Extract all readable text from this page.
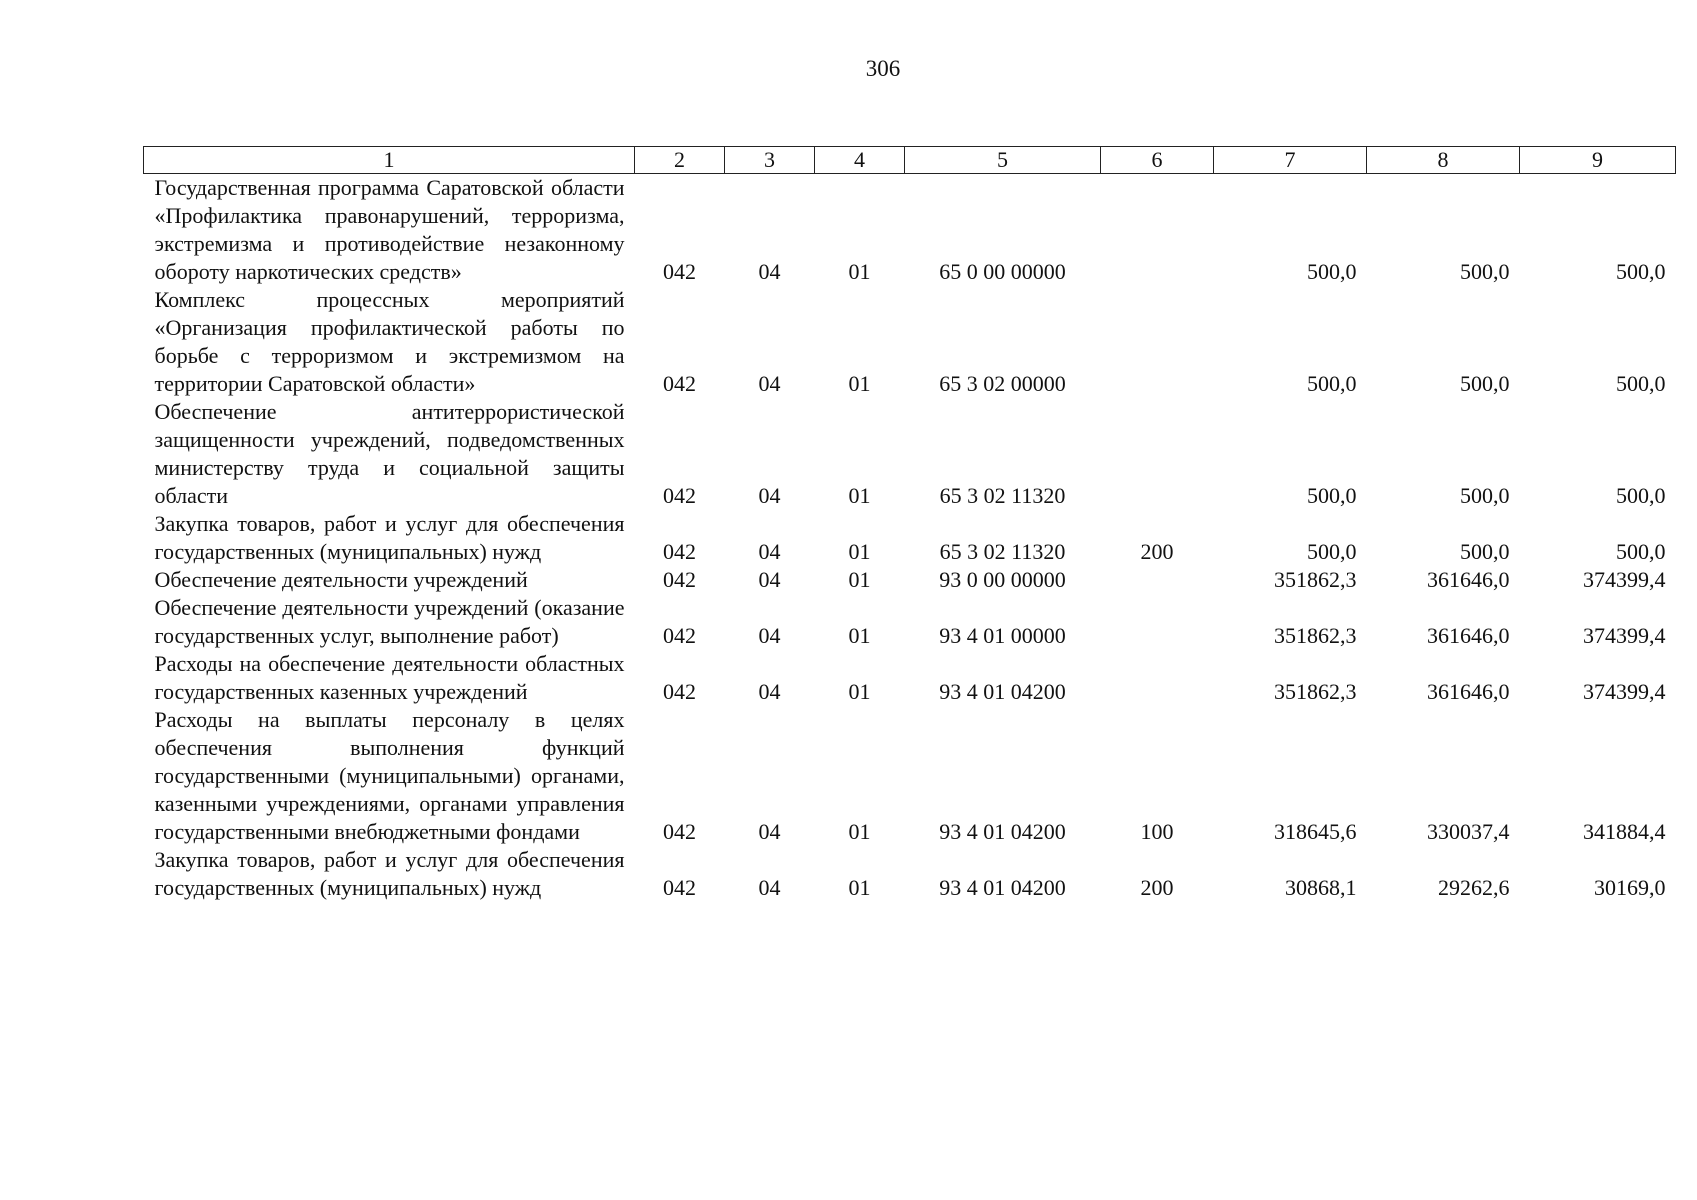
306
1	2	3	4	5	6	7	8	9
Государственная программа Саратовской области «Профилактика правонарушений, терроризма, экстремизма и противодействие незаконному обороту наркотических средств»	042	04	01	65 0 00 00000		500,0	500,0	500,0
Комплекс процессных мероприятий «Организация профилактической работы по борьбе с терроризмом и экстремизмом на территории Саратовской области»	042	04	01	65 3 02 00000		500,0	500,0	500,0
Обеспечение антитеррористической защищенности учреждений, подведомственных министерству труда и социальной защиты области	042	04	01	65 3 02 11320		500,0	500,0	500,0
Закупка товаров, работ и услуг для обеспечения государственных (муниципальных) нужд	042	04	01	65 3 02 11320	200	500,0	500,0	500,0
Обеспечение деятельности учреждений	042	04	01	93 0 00 00000		351862,3	361646,0	374399,4
Обеспечение деятельности учреждений (оказание государственных услуг, выполнение работ)	042	04	01	93 4 01 00000		351862,3	361646,0	374399,4
Расходы на обеспечение деятельности областных государственных казенных учреждений	042	04	01	93 4 01 04200		351862,3	361646,0	374399,4
Расходы на выплаты персоналу в целях обеспечения выполнения функций государственными (муниципальными) органами, казенными учреждениями, органами управления государственными внебюджетными фондами	042	04	01	93 4 01 04200	100	318645,6	330037,4	341884,4
Закупка товаров, работ и услуг для обеспечения государственных (муниципальных) нужд	042	04	01	93 4 01 04200	200	30868,1	29262,6	30169,0
